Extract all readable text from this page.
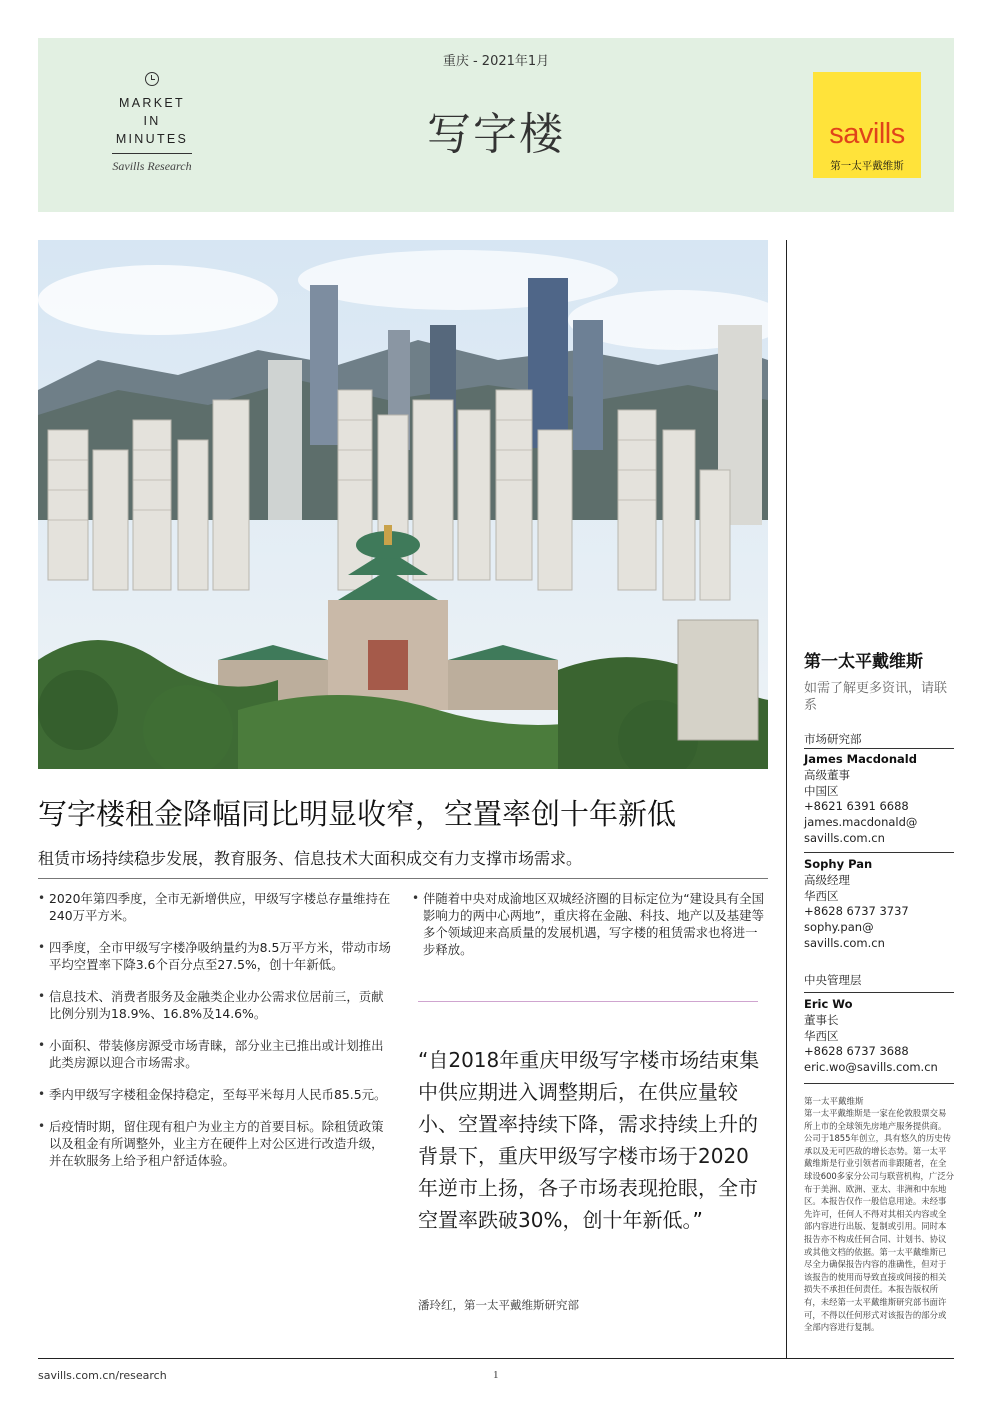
MARKET
IN
MINUTES
Savills Research
重庆 - 2021年1月
写字楼	savills
第一太平戴维斯
写字楼租金降幅同比明显收窄，空置率创十年新低
租赁市场持续稳步发展，教育服务、信息技术大面积成交有力支撑市场需求。
• 2020年第四季度，全市无新增供应，甲级写字楼总存量维持在240万平方米。
• 四季度，全市甲级写字楼净吸纳量约为8.5万平方米，带动市场平均空置率下降3.6个百分点至27.5%，创十年新低。
• 信息技术、消费者服务及金融类企业办公需求位居前三，贡献比例分别为18.9%、16.8%及14.6%。
• 小面积、带装修房源受市场青睐，部分业主已推出或计划推出此类房源以迎合市场需求。
• 季内甲级写字楼租金保持稳定，至每平米每月人民币85.5元。
• 后疫情时期，留住现有租户为业主方的首要目标。除租赁政策以及租金有所调整外，业主方在硬件上对公区进行改造升级，并在软服务上给予租户舒适体验。
• 伴随着中央对成渝地区双城经济圈的目标定位为“建设具有全国影响力的两中心两地”，重庆将在金融、科技、地产以及基建等多个领域迎来高质量的发展机遇，写字楼的租赁需求也将进一步释放。
“自2018年重庆甲级写字楼市场结束集中供应期进入调整期后，在供应量较小、空置率持续下降，需求持续上升的背景下，重庆甲级写字楼市场于2020年逆市上扬，各子市场表现抢眼，全市空置率跌破30%，创十年新低。”
潘玲红，第一太平戴维斯研究部
第一太平戴维斯
如需了解更多资讯，请联系
市场研究部
James Macdonald
高级董事
中国区
+8621 6391 6688
james.macdonald@
savills.com.cn
Sophy Pan
高级经理
华西区
+8628 6737 3737
sophy.pan@
savills.com.cn
中央管理层
Eric Wo
董事长
华西区
+8628 6737 3688
eric.wo@savills.com.cn
第一太平戴维斯
第一太平戴维斯是一家在伦敦股票交易所上市的全球领先房地产服务提供商。公司于1855年创立，具有悠久的历史传承以及无可匹敌的增长态势。第一太平戴维斯是行业引领者而非跟随者，在全球设600多家分公司与联营机构，广泛分布于美洲、欧洲、亚太、非洲和中东地区。本报告仅作一般信息用途。未经事先许可，任何人不得对其相关内容或全部内容进行出版、复制或引用。同时本报告亦不构成任何合同、计划书、协议或其他文档的依据。第一太平戴维斯已尽全力确保报告内容的准确性，但对于该报告的使用而导致直接或间接的相关损失不承担任何责任。本报告版权所有，未经第一太平戴维斯研究部书面许可，不得以任何形式对该报告的部分或全部内容进行复制。
savills.com.cn/research	1
